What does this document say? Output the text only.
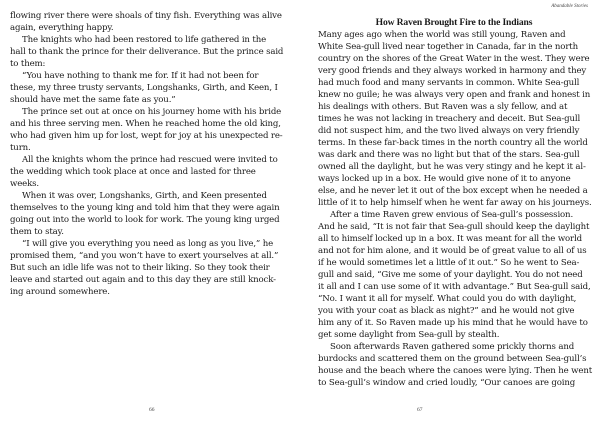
flowing river there were shoals of tiny fish. Everything was alive
again, everything happy.
The knights who had been restored to life gathered in the
hall to thank the prince for their deliverance. But the prince said
to them:
“You have nothing to thank me for. If it had not been for
these, my three trusty servants, Longshanks, Girth, and Keen, I
should have met the same fate as you.”
The prince set out at once on his journey home with his bride
and his three serving men. When he reached home the old king,
who had given him up for lost, wept for joy at his unexpected re-
turn.
All the knights whom the prince had rescued were invited to
the wedding which took place at once and lasted for three
weeks.
When it was over, Longshanks, Girth, and Keen presented
themselves to the young king and told him that they were again
going out into the world to look for work. The young king urged
them to stay.
“I will give you everything you need as long as you live,” he
promised them, “and you won’t have to exert yourselves at all.”
But such an idle life was not to their liking. So they took their
leave and started out again and to this day they are still knock-
ing around somewhere.
66
Abandable Stories
How Raven Brought Fire to the Indians
Many ages ago when the world was still young, Raven and
White Sea-gull lived near together in Canada, far in the north
country on the shores of the Great Water in the west. They were
very good friends and they always worked in harmony and they
had much food and many servants in common. White Sea-gull
knew no guile; he was always very open and frank and honest in
his dealings with others. But Raven was a sly fellow, and at
times he was not lacking in treachery and deceit. But Sea-gull
did not suspect him, and the two lived always on very friendly
terms. In these far-back times in the north country all the world
was dark and there was no light but that of the stars. Sea-gull
owned all the daylight, but he was very stingy and he kept it al-
ways locked up in a box. He would give none of it to anyone
else, and he never let it out of the box except when he needed a
little of it to help himself when he went far away on his journeys.
After a time Raven grew envious of Sea-gull’s possession.
And he said, “It is not fair that Sea-gull should keep the daylight
all to himself locked up in a box. It was meant for all the world
and not for him alone, and it would be of great value to all of us
if he would sometimes let a little of it out.” So he went to Sea-
gull and said, “Give me some of your daylight. You do not need
it all and I can use some of it with advantage.” But Sea-gull said,
“No. I want it all for myself. What could you do with daylight,
you with your coat as black as night?” and he would not give
him any of it. So Raven made up his mind that he would have to
get some daylight from Sea-gull by stealth.
Soon afterwards Raven gathered some prickly thorns and
burdocks and scattered them on the ground between Sea-gull’s
house and the beach where the canoes were lying. Then he went
to Sea-gull’s window and cried loudly, “Our canoes are going
67
